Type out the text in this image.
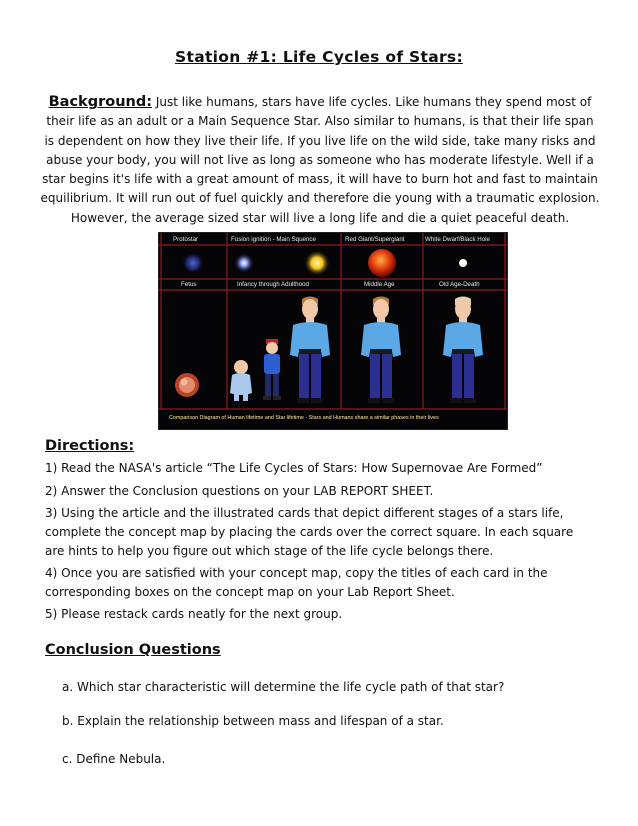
Station #1: Life Cycles of Stars:
Background: Just like humans, stars have life cycles. Like humans they spend most of their life as an adult or a Main Sequence Star. Also similar to humans, is that their life span is dependent on how they live their life. If you live life on the wild side, take many risks and abuse your body, you will not live as long as someone who has moderate lifestyle. Well if a star begins it's life with a great amount of mass, it will have to burn hot and fast to maintain equilibrium. It will run out of fuel quickly and therefore die young with a traumatic explosion. However, the average sized star will live a long life and die a quiet peaceful death.
Protostar	Fusion ignition - Main Squence	Red Giant/Supergiant	White Dwarf/Black Hole
Fetus	Infancy through Adulthood	Middle Age	Old Age-Death
Comparison Diagram of Human lifetime and Star lifetime - Stars and Humans share a similar phases in their lives
Directions:
1) Read the NASA's article “The Life Cycles of Stars: How Supernovae Are Formed”
2) Answer the Conclusion questions on your LAB REPORT SHEET.
3) Using the article and the illustrated cards that depict different stages of a stars life, complete the concept map by placing the cards over the correct square. In each square are hints to help you figure out which stage of the life cycle belongs there.
4) Once you are satisfied with your concept map, copy the titles of each card in the corresponding boxes on the concept map on your Lab Report Sheet.
5) Please restack cards neatly for the next group.
Conclusion Questions
a. Which star characteristic will determine the life cycle path of that star?
b. Explain the relationship between mass and lifespan of a star.
c. Define Nebula.
